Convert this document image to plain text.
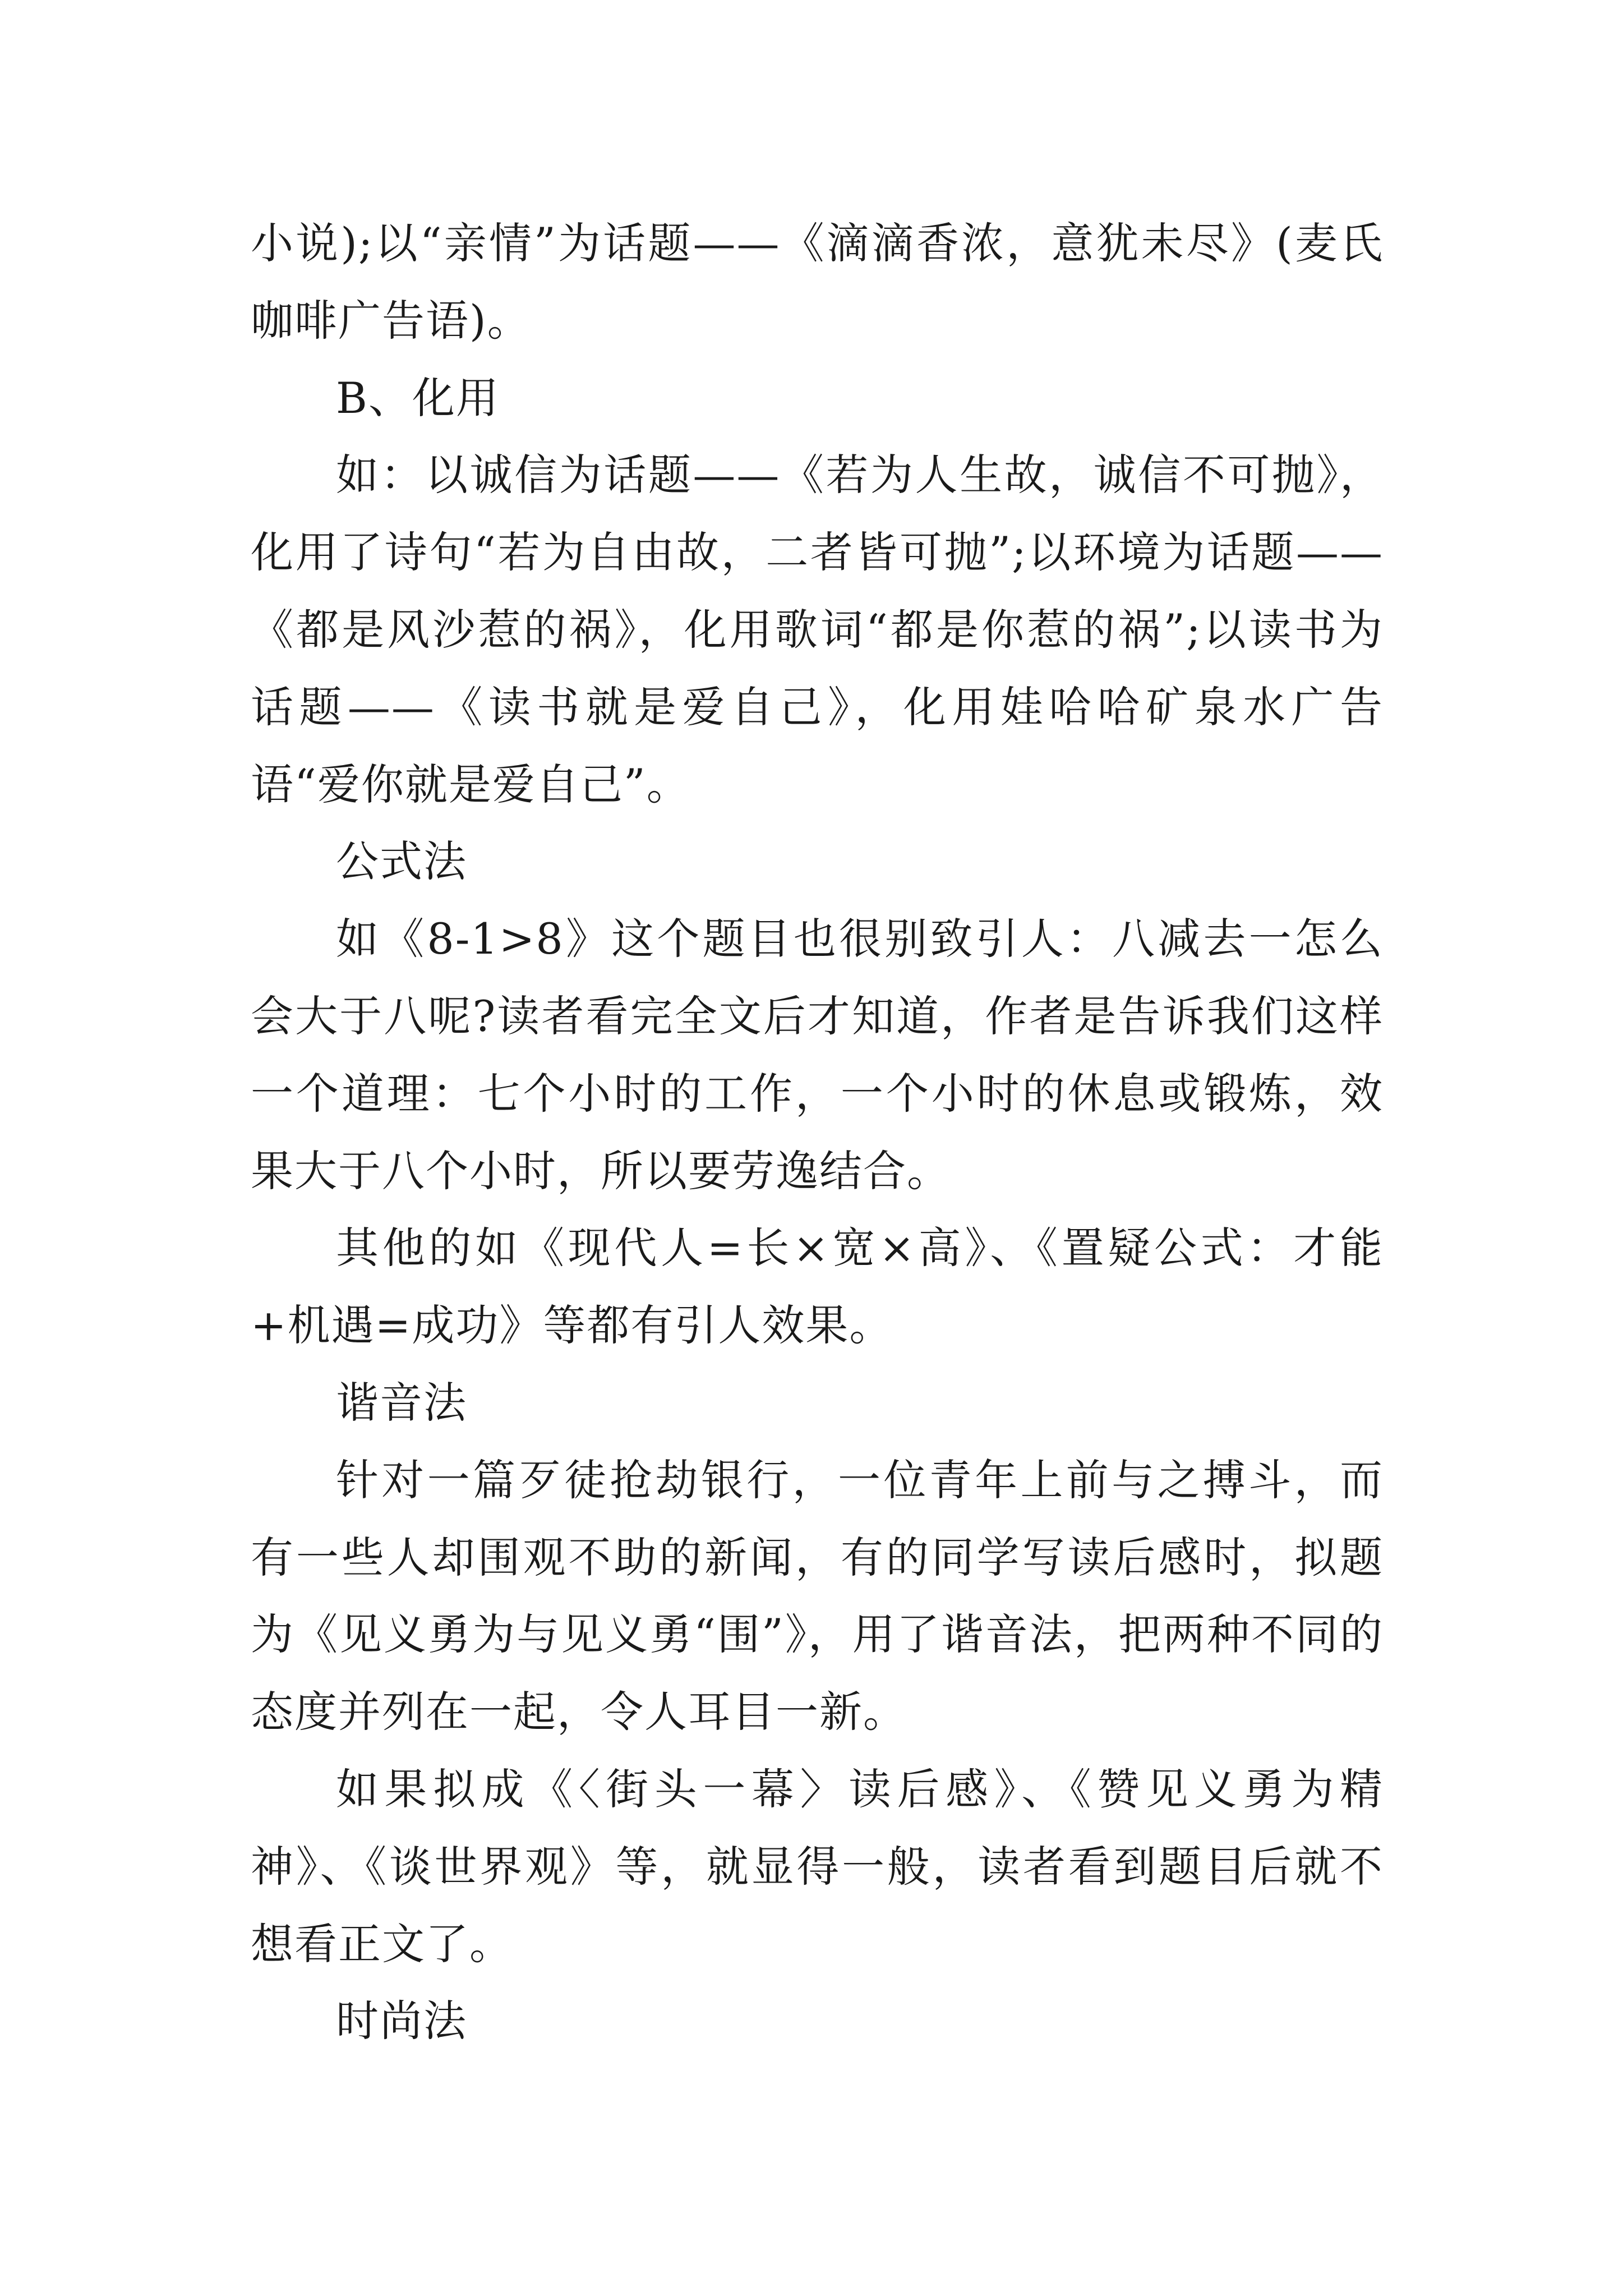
小说);以“亲情”为话题——《滴滴香浓，意犹未尽》(麦氏咖啡广告语)。

B、化用

如：以诚信为话题——《若为人生故，诚信不可抛》，化用了诗句“若为自由故，二者皆可抛”;以环境为话题——《都是风沙惹的祸》，化用歌词“都是你惹的祸”;以读书为话题——《读书就是爱自己》，化用娃哈哈矿泉水广告语“爱你就是爱自己”。

公式法

如《8-1>8》这个题目也很别致引人：八减去一怎么会大于八呢?读者看完全文后才知道，作者是告诉我们这样一个道理：七个小时的工作，一个小时的休息或锻炼，效果大于八个小时，所以要劳逸结合。

其他的如《现代人=长×宽×高》、《置疑公式：才能+机遇=成功》等都有引人效果。

谐音法

针对一篇歹徒抢劫银行，一位青年上前与之搏斗，而有一些人却围观不助的新闻，有的同学写读后感时，拟题为《见义勇为与见义勇“围”》，用了谐音法，把两种不同的态度并列在一起，令人耳目一新。

如果拟成《〈街头一幕〉读后感》、《赞见义勇为精神》、《谈世界观》等，就显得一般，读者看到题目后就不想看正文了。

时尚法
